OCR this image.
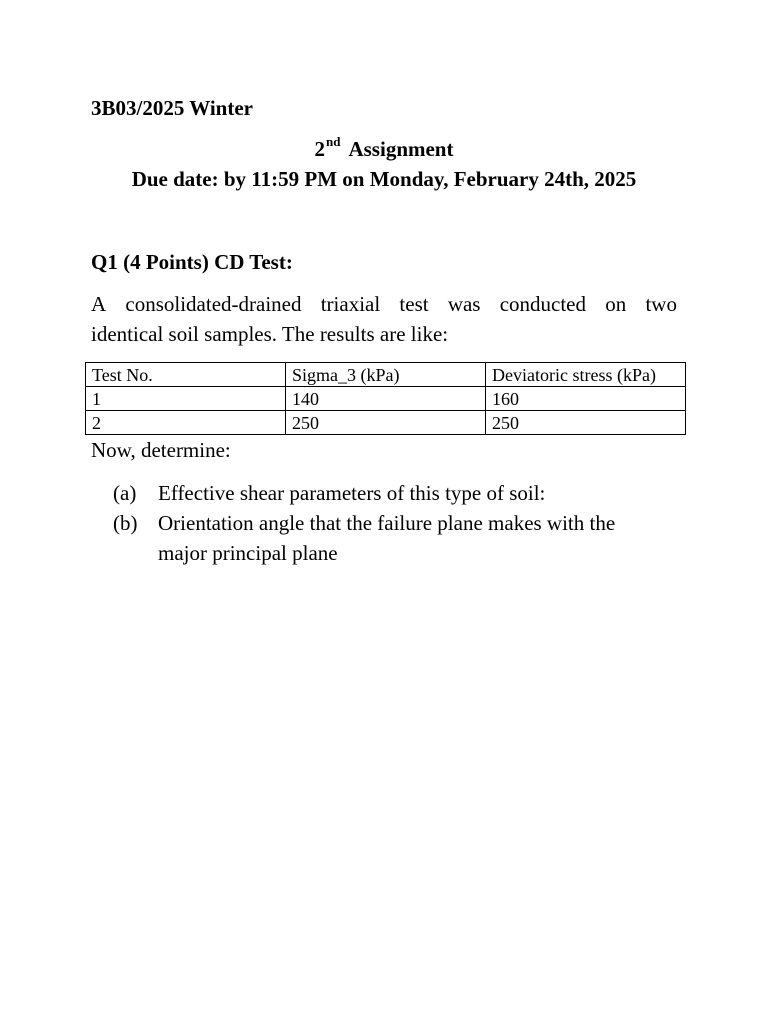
3B03/2025 Winter
2nd Assignment
Due date: by 11:59 PM on Monday, February 24th, 2025
Q1 (4 Points) CD Test:
A consolidated-drained triaxial test was conducted on two
identical soil samples. The results are like:
Test No.	Sigma_3 (kPa)	Deviatoric stress (kPa)
1	140	160
2	250	250
Now, determine:
(a) Effective shear parameters of this type of soil:
(b) Orientation angle that the failure plane makes with the
major principal plane
